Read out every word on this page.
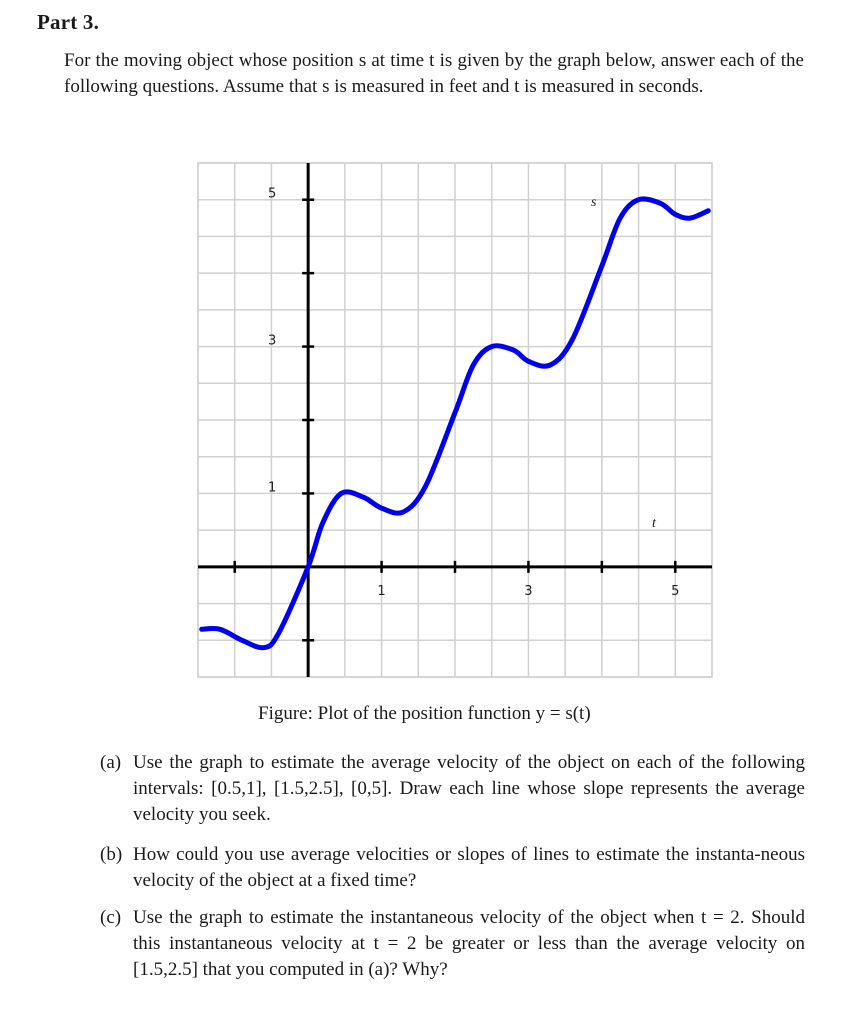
Part 3.
For the moving object whose position s at time t is given by the graph below, answer each of the following questions. Assume that s is measured in feet and t is measured in seconds.
1	3	5
5
3
1
s
t
Figure: Plot of the position function y = s(t)
(a) Use the graph to estimate the average velocity of the object on each of the following intervals: [0.5,1], [1.5,2.5], [0,5]. Draw each line whose slope represents the average velocity you seek.
(b) How could you use average velocities or slopes of lines to estimate the instanta-neous velocity of the object at a fixed time?
(c) Use the graph to estimate the instantaneous velocity of the object when t = 2. Should this instantaneous velocity at t = 2 be greater or less than the average velocity on [1.5,2.5] that you computed in (a)? Why?
